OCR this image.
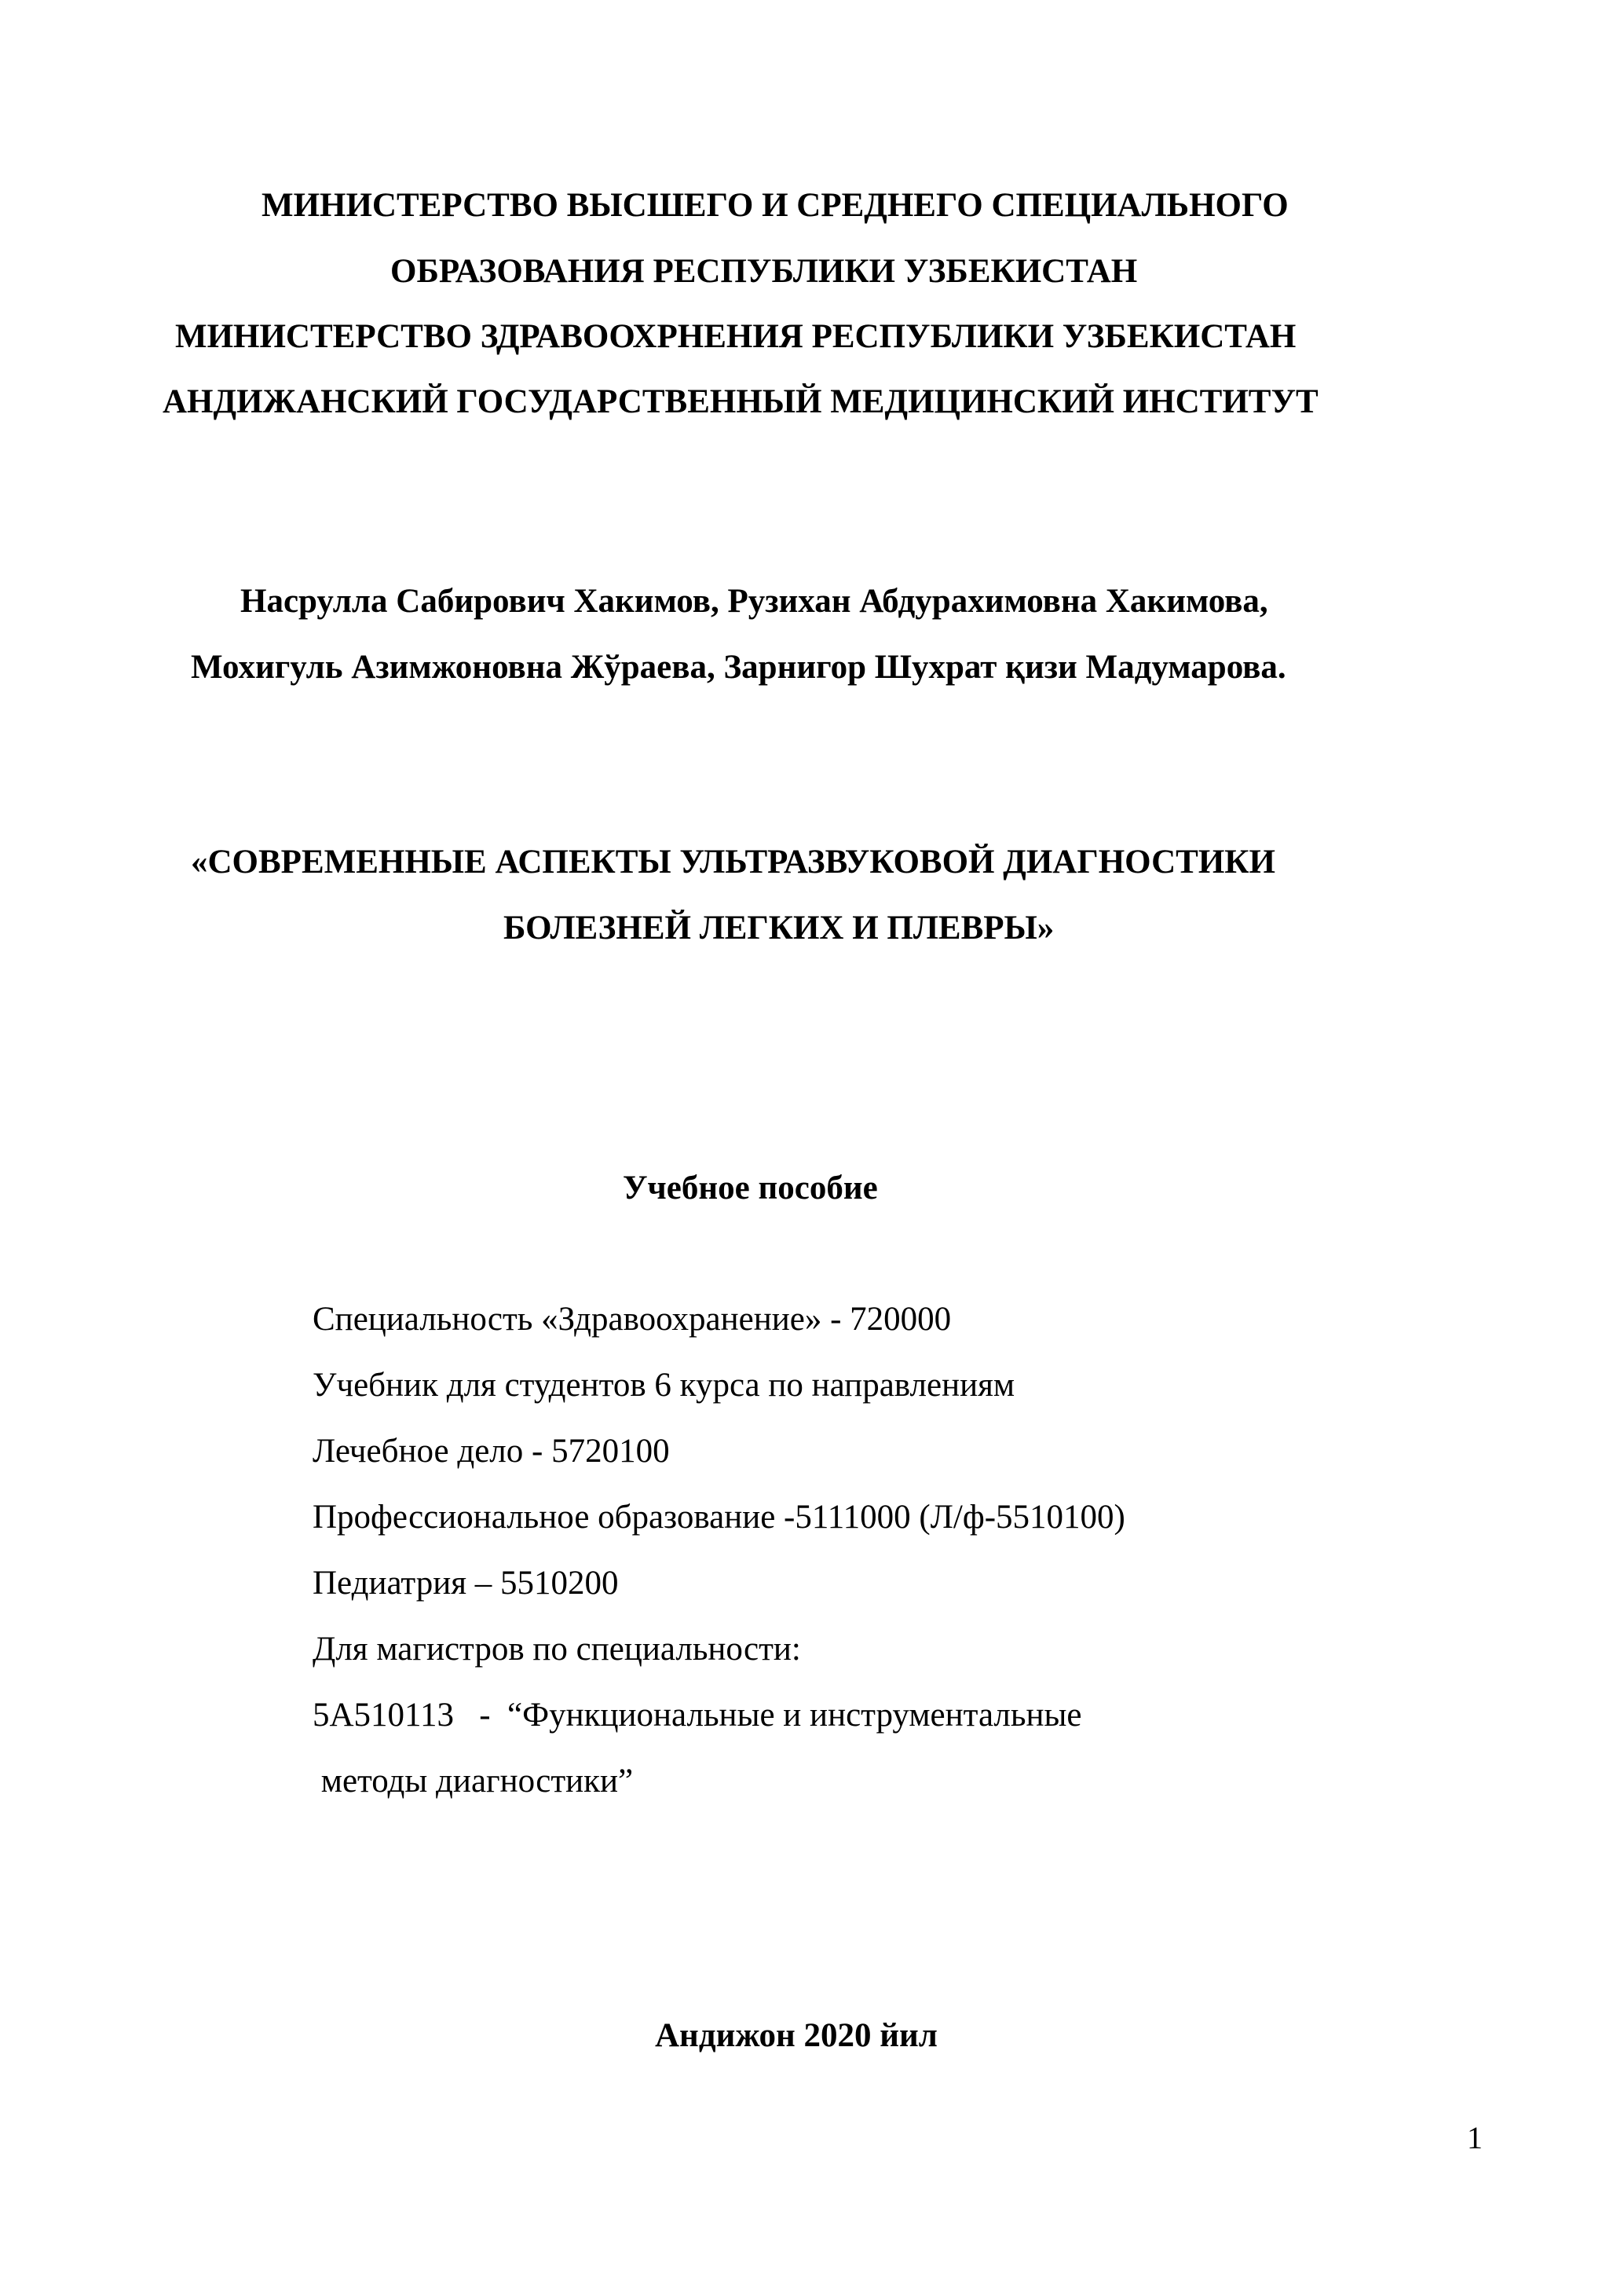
МИНИСТЕРСТВО ВЫСШЕГО И СРЕДНЕГО СПЕЦИАЛЬНОГО
ОБРАЗОВАНИЯ РЕСПУБЛИКИ УЗБЕКИСТАН
МИНИСТЕРСТВО ЗДРАВООХРНЕНИЯ РЕСПУБЛИКИ УЗБЕКИСТАН
АНДИЖАНСКИЙ ГОСУДАРСТВЕННЫЙ МЕДИЦИНСКИЙ ИНСТИТУТ
Насрулла Сабирович Хакимов, Рузихан Абдурахимовна Хакимова,
Мохигуль Азимжоновна Жўраева, Зарнигор Шухрат қизи Мадумарова.
«СОВРЕМЕННЫЕ АСПЕКТЫ УЛЬТРАЗВУКОВОЙ ДИАГНОСТИКИ
БОЛЕЗНЕЙ ЛЕГКИХ И ПЛЕВРЫ»
Учебное пособие
Специальность «Здравоохранение» - 720000
Учебник для студентов 6 курса по направлениям
Лечебное дело - 5720100
Профессиональное образование -5111000 (Л/ф-5510100)
Педиатрия – 5510200
Для магистров по специальности:
5А510113   -  “Функциональные и инструментальные
методы диагностики”
Андижон 2020 йил
1
